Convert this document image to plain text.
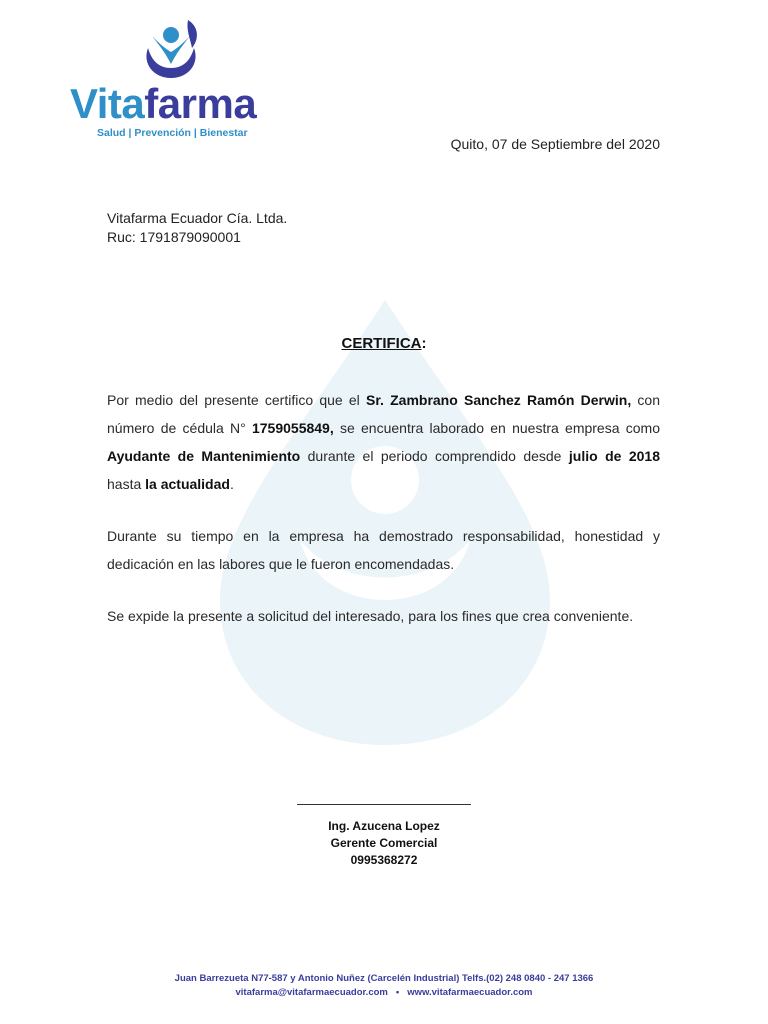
Vitafarma
Salud | Prevención | Bienestar
Quito, 07 de Septiembre del 2020
Vitafarma Ecuador Cía. Ltda.
Ruc: 1791879090001
CERTIFICA:

Por medio del presente certifico que el Sr. Zambrano Sanchez Ramón Derwin, con número de cédula N° 1759055849, se encuentra laborado en nuestra empresa como Ayudante de Mantenimiento durante el periodo comprendido desde julio de 2018 hasta la actualidad.

Durante su tiempo en la empresa ha demostrado responsabilidad, honestidad y dedicación en las labores que le fueron encomendadas.

Se expide la presente a solicitud del interesado, para los fines que crea conveniente.

Ing. Azucena Lopez
Gerente Comercial
0995368272
Juan Barrezueta N77-587 y Antonio Nuñez (Carcelén Industrial) Telfs.(02) 248 0840 - 247 1366
vitafarma@vitafarmaecuador.com • www.vitafarmaecuador.com
